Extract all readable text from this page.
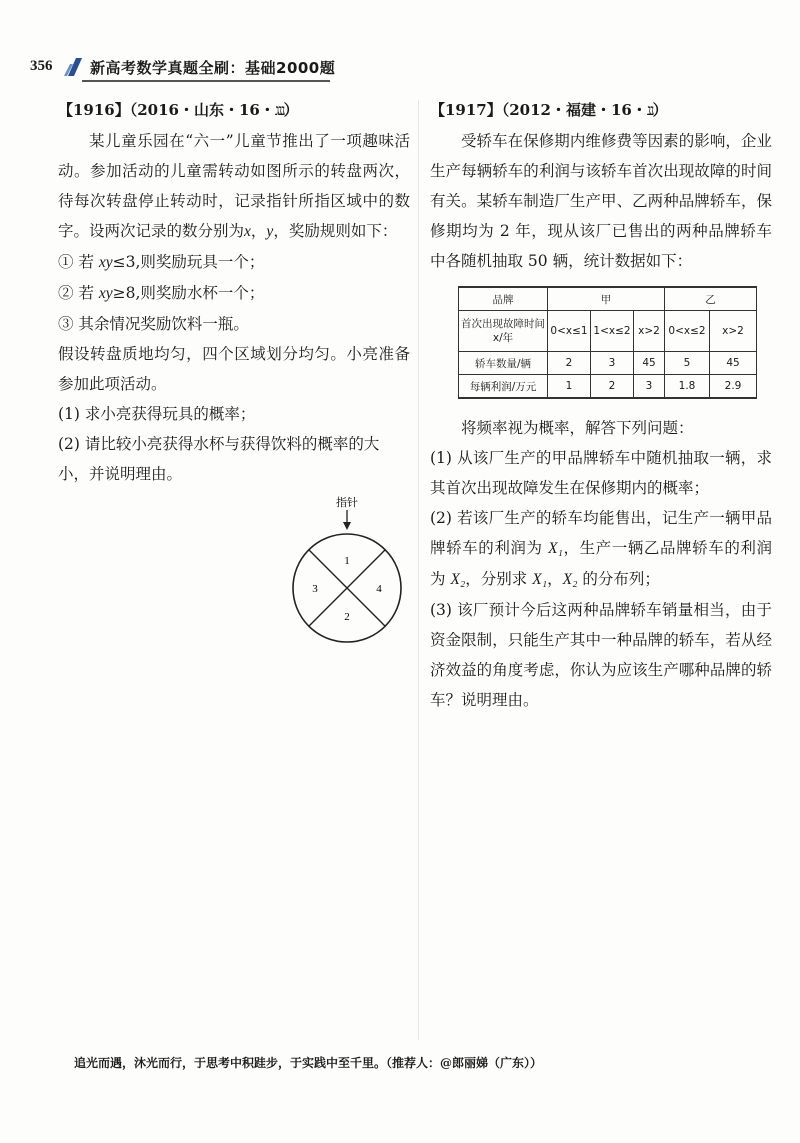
356	新高考数学真题全刷：基础2000题
【1916】（2016・山东・16・ננג）

某儿童乐园在“六一”儿童节推出了一项趣味活动。参加活动的儿童需转动如图所示的转盘两次，待每次转盘停止转动时，记录指针所指区域中的数字。设两次记录的数分别为x，y，奖励规则如下：

① 若 xy≤3,则奖励玩具一个；

② 若 xy≥8,则奖励水杯一个；

③ 其余情况奖励饮料一瓶。

假设转盘质地均匀，四个区域划分均匀。小亮准备参加此项活动。

(1) 求小亮获得玩具的概率；

(2) 请比较小亮获得水杯与获得饮料的概率的大小，并说明理由。

指针
1
2
3	4
【1917】（2012・福建・16・ננ）

受轿车在保修期内维修费等因素的影响，企业生产每辆轿车的利润与该轿车首次出现故障的时间有关。某轿车制造厂生产甲、乙两种品牌轿车，保修期均为 2 年，现从该厂已售出的两种品牌轿车中各随机抽取 50 辆，统计数据如下：

品牌	甲			乙	
首次出现故障时间 x/年	0<x≤1	1<x≤2	x>2	0<x≤2	x>2
轿车数量/辆	2	3	45	5	45
每辆利润/万元	1	2	3	1.8	2.9

将频率视为概率，解答下列问题：

(1) 从该厂生产的甲品牌轿车中随机抽取一辆，求其首次出现故障发生在保修期内的概率；

(2) 若该厂生产的轿车均能售出，记生产一辆甲品牌轿车的利润为 X₁，生产一辆乙品牌轿车的利润为 X₂，分别求 X₁，X₂ 的分布列；

(3) 该厂预计今后这两种品牌轿车销量相当，由于资金限制，只能生产其中一种品牌的轿车，若从经济效益的角度考虑，你认为应该生产哪种品牌的轿车？说明理由。

追光而遇，沐光而行，于思考中积跬步，于实践中至千里。（推荐人：@郎丽娣（广东））
